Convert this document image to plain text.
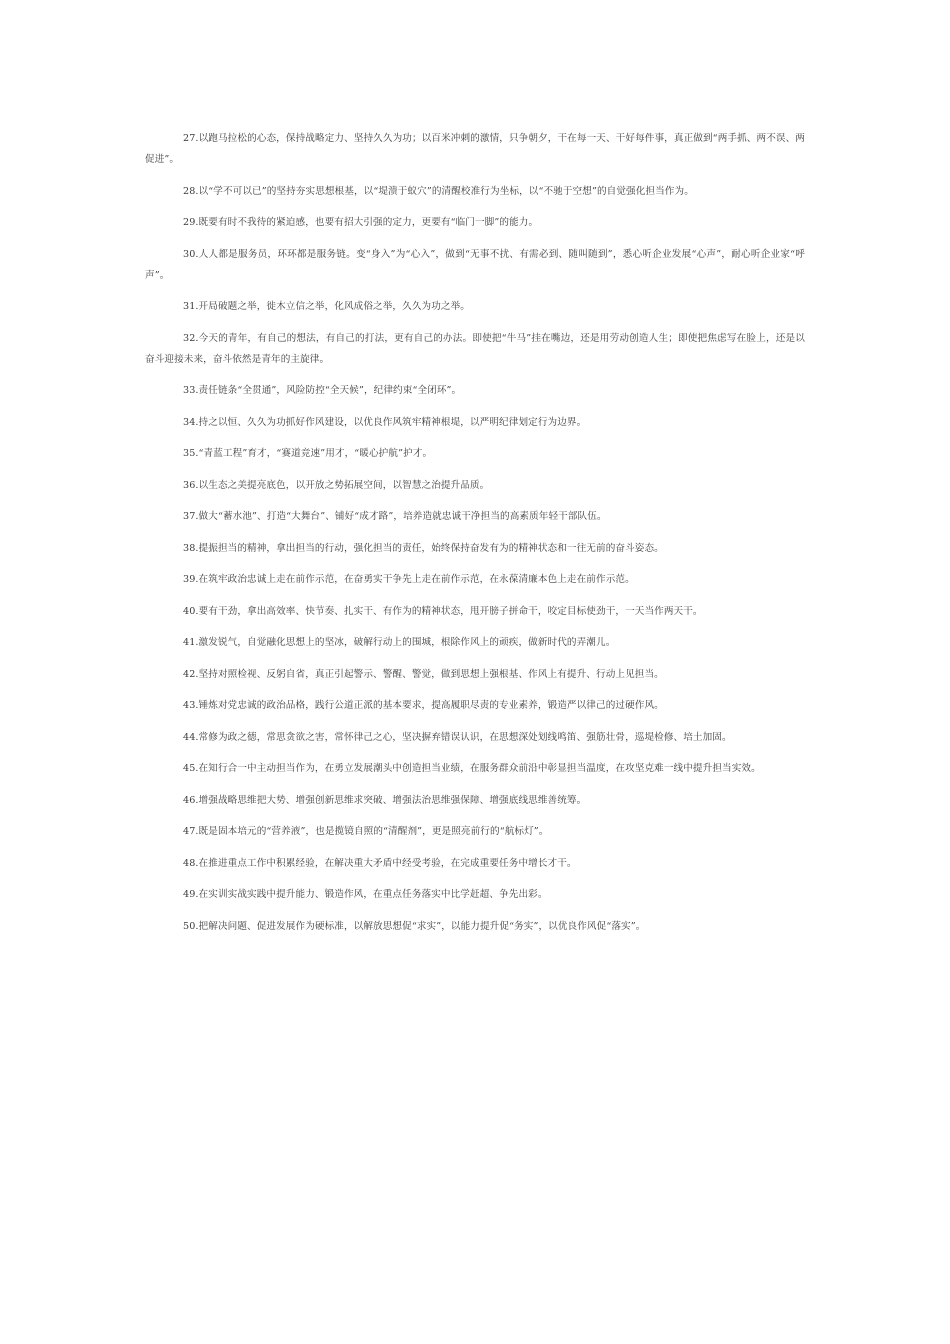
27.以跑马拉松的心态，保持战略定力、坚持久久为功；以百米冲刺的激情，只争朝夕，干在每一天、干好每件事，真正做到“两手抓、两不误、两促进”。

28.以“学不可以已”的坚持夯实思想根基，以“堤溃于蚁穴”的清醒校准行为坐标，以“不驰于空想”的自觉强化担当作为。

29.既要有时不我待的紧迫感，也要有招大引强的定力，更要有“临门一脚”的能力。

30.人人都是服务员，环环都是服务链。变“身入”为“心入”，做到“无事不扰、有需必到、随叫随到”，悉心听企业发展“心声”，耐心听企业家“呼声”。

31.开局破题之举，徙木立信之举，化风成俗之举，久久为功之举。

32.今天的青年，有自己的想法，有自己的打法，更有自己的办法。即使把“牛马”挂在嘴边，还是用劳动创造人生；即使把焦虑写在脸上，还是以奋斗迎接未来，奋斗依然是青年的主旋律。

33.责任链条“全贯通”，风险防控“全天候”，纪律约束“全闭环”。

34.持之以恒、久久为功抓好作风建设，以优良作风筑牢精神根堤，以严明纪律划定行为边界。

35.“青蓝工程”育才，“赛道竞速”用才，“暖心护航”护才。

36.以生态之美提亮底色，以开放之势拓展空间，以智慧之治提升品质。

37.做大“蓄水池”、打造“大舞台”、铺好“成才路”，培养造就忠诚干净担当的高素质年轻干部队伍。

38.提振担当的精神，拿出担当的行动，强化担当的责任，始终保持奋发有为的精神状态和一往无前的奋斗姿态。

39.在筑牢政治忠诚上走在前作示范，在奋勇实干争先上走在前作示范，在永葆清廉本色上走在前作示范。

40.要有干劲，拿出高效率、快节奏、扎实干、有作为的精神状态，甩开膀子拼命干，咬定目标使劲干，一天当作两天干。

41.激发锐气，自觉融化思想上的坚冰，破解行动上的围城，根除作风上的顽疾，做新时代的弄潮儿。

42.坚持对照检视、反躬自省，真正引起警示、警醒、警觉，做到思想上强根基、作风上有提升、行动上见担当。

43.锤炼对党忠诚的政治品格，践行公道正派的基本要求，提高履职尽责的专业素养，锻造严以律己的过硬作风。

44.常修为政之德，常思贪欲之害，常怀律己之心，坚决摒弃错误认识，在思想深处划线鸣笛、强筋壮骨，巡堤检修、培土加固。

45.在知行合一中主动担当作为，在勇立发展潮头中创造担当业绩，在服务群众前沿中彰显担当温度，在攻坚克难一线中提升担当实效。

46.增强战略思维把大势、增强创新思维求突破、增强法治思维强保障、增强底线思维善统筹。

47.既是固本培元的“营养液”，也是揽镜自照的“清醒剂”，更是照亮前行的“航标灯”。

48.在推进重点工作中积累经验，在解决重大矛盾中经受考验，在完成重要任务中增长才干。

49.在实训实战实践中提升能力、锻造作风，在重点任务落实中比学赶超、争先出彩。

50.把解决问题、促进发展作为硬标准，以解放思想促“求实”，以能力提升促“务实”，以优良作风促“落实”。
